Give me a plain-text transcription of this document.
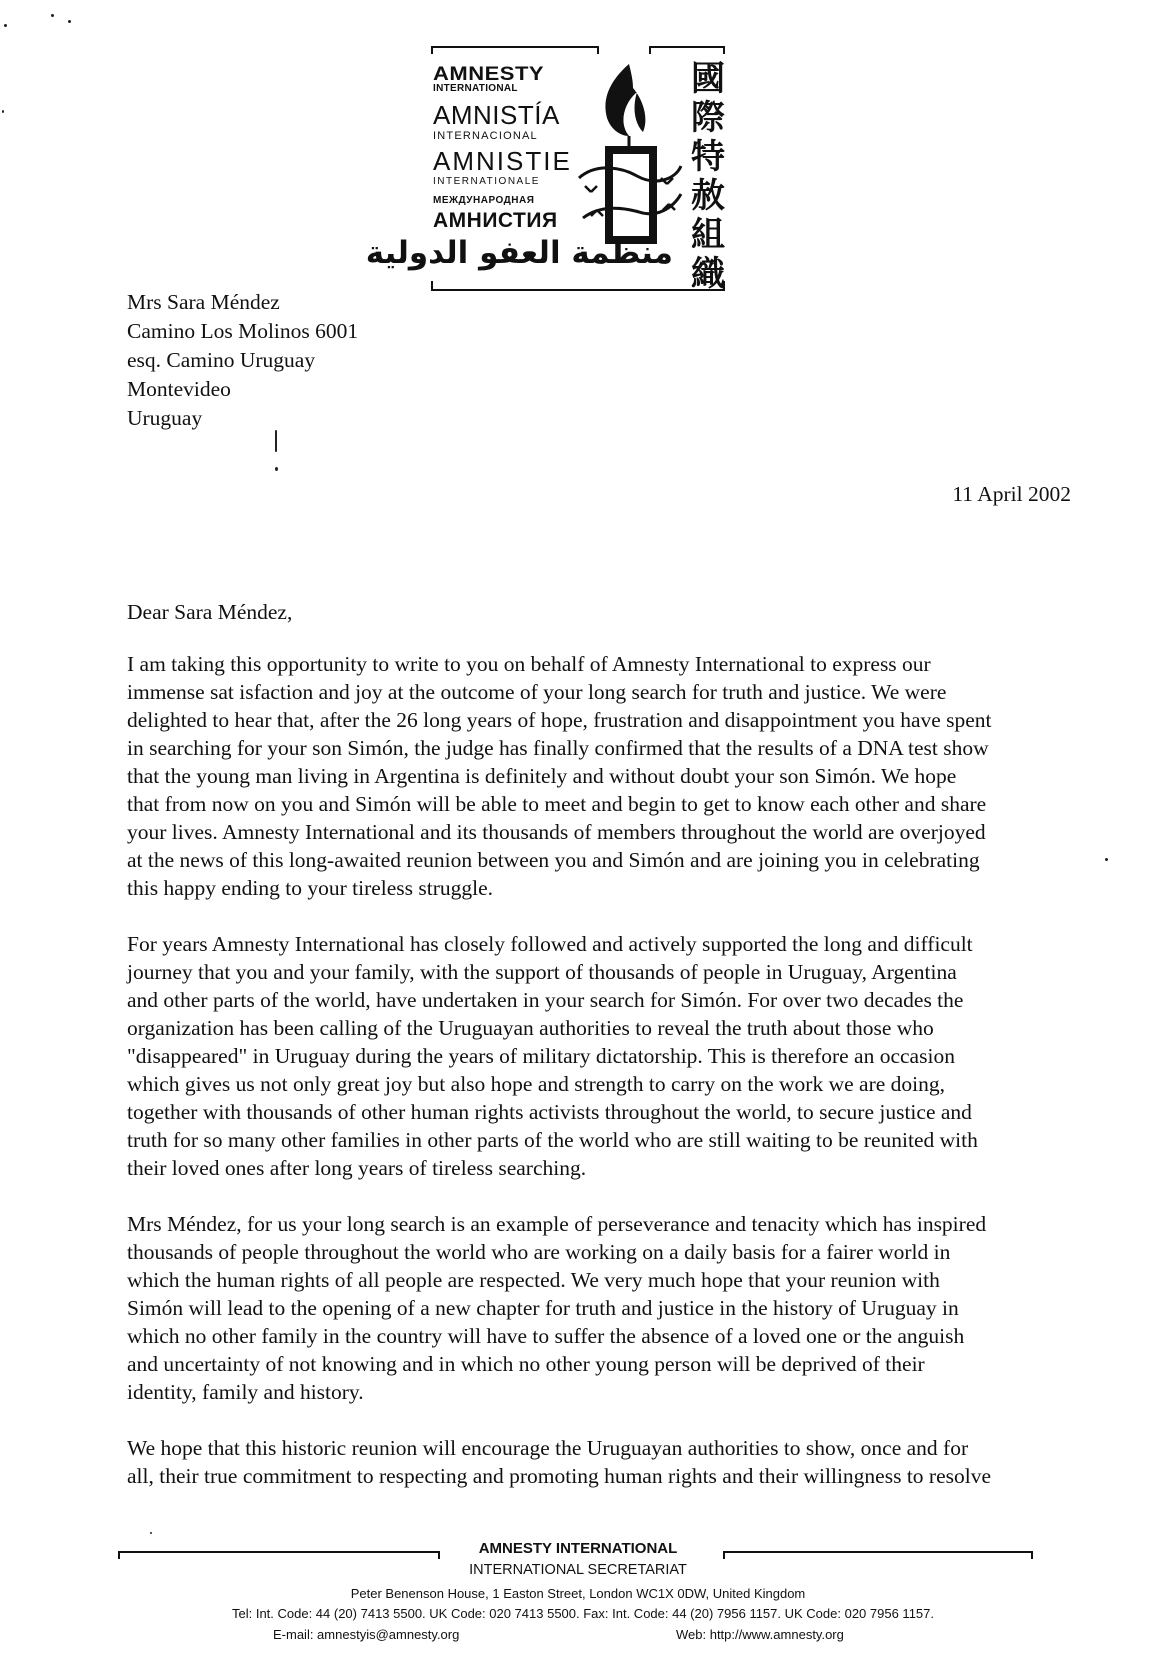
AMNESTY
INTERNATIONAL
AMNISTÍA
INTERNACIONAL
AMNISTIE
INTERNATIONALE
МЕЖДУНАРОДНАЯ
АМНИСТИЯ
منظمة العفو الدولية
國
際
特
赦
組
織
Mrs Sara Méndez
Camino Los Molinos 6001
esq. Camino Uruguay
Montevideo
Uruguay
11 April 2002
Dear Sara Méndez,
I am taking this opportunity to write to you on behalf of Amnesty International to express our
immense sat isfaction and joy at the outcome of your long search for truth and justice. We were
delighted to hear that, after the 26 long years of hope, frustration and disappointment you have spent
in searching for your son Simón, the judge has finally confirmed that the results of a DNA test show
that the young man living in Argentina is definitely and without doubt your son Simón. We hope
that from now on you and Simón will be able to meet and begin to get to know each other and share
your lives. Amnesty International and its thousands of members throughout the world are overjoyed
at the news of this long-awaited reunion between you and Simón and are joining you in celebrating
this happy ending to your tireless struggle.
For years Amnesty International has closely followed and actively supported the long and difficult
journey that you and your family, with the support of thousands of people in Uruguay, Argentina
and other parts of the world, have undertaken in your search for Simón. For over two decades the
organization has been calling of the Uruguayan authorities to reveal the truth about those who
"disappeared" in Uruguay during the years of military dictatorship. This is therefore an occasion
which gives us not only great joy but also hope and strength to carry on the work we are doing,
together with thousands of other human rights activists throughout the world, to secure justice and
truth for so many other families in other parts of the world who are still waiting to be reunited with
their loved ones after long years of tireless searching.
Mrs Méndez, for us your long search is an example of perseverance and tenacity which has inspired
thousands of people throughout the world who are working on a daily basis for a fairer world in
which the human rights of all people are respected. We very much hope that your reunion with
Simón will lead to the opening of a new chapter for truth and justice in the history of Uruguay in
which no other family in the country will have to suffer the absence of a loved one or the anguish
and uncertainty of not knowing and in which no other young person will be deprived of their
identity, family and history.
We hope that this historic reunion will encourage the Uruguayan authorities to show, once and for
all, their true commitment to respecting and promoting human rights and their willingness to resolve
AMNESTY INTERNATIONAL
INTERNATIONAL SECRETARIAT
Peter Benenson House, 1 Easton Street, London WC1X 0DW, United Kingdom
Tel: Int. Code: 44 (20) 7413 5500. UK Code: 020 7413 5500. Fax: Int. Code: 44 (20) 7956 1157. UK Code: 020 7956 1157.
E-mail: amnestyis@amnesty.org	Web: http://www.amnesty.org
